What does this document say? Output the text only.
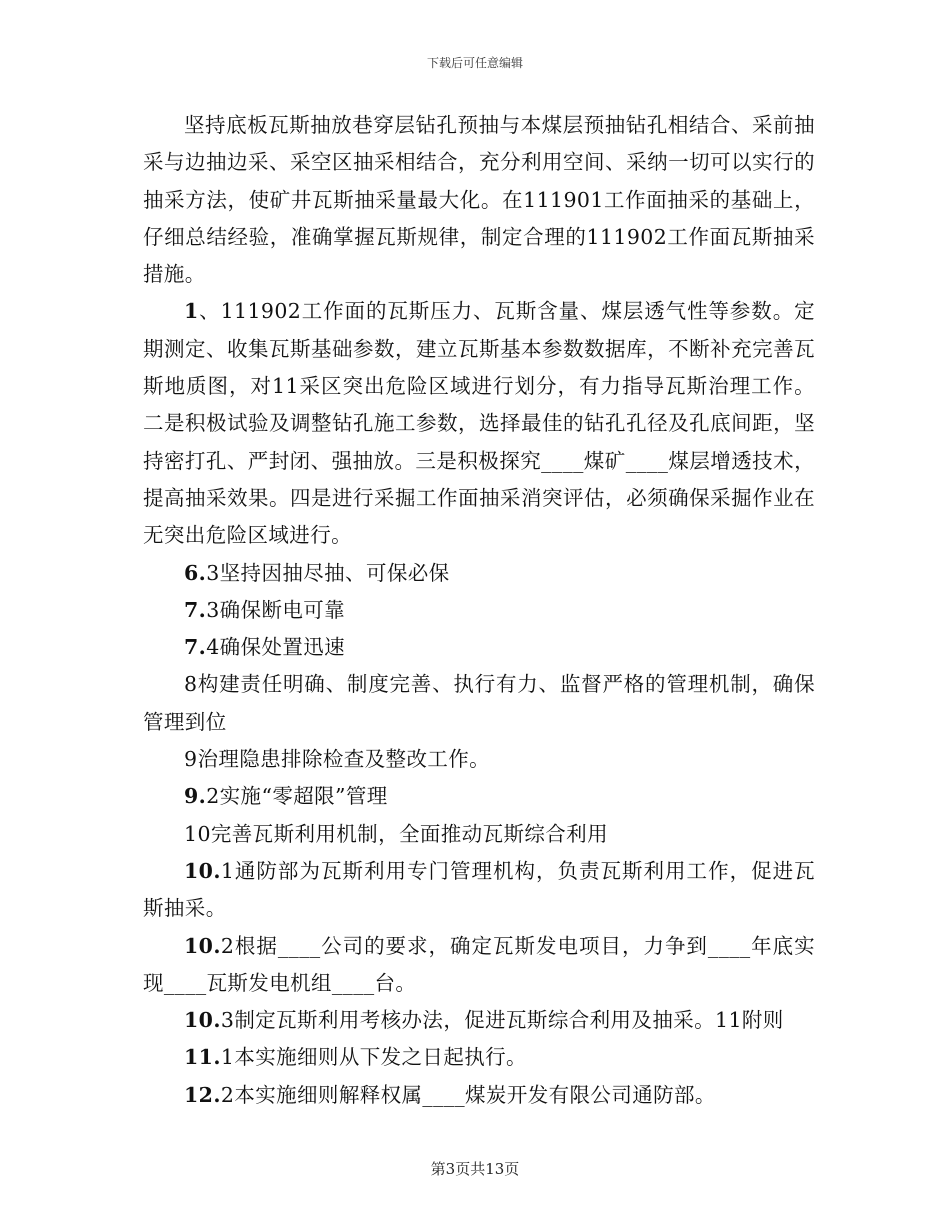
下载后可任意编辑

坚持底板瓦斯抽放巷穿层钻孔预抽与本煤层预抽钻孔相结合、采前抽采与边抽边采、采空区抽采相结合，充分利用空间、采纳一切可以实行的抽采方法，使矿井瓦斯抽采量最大化。在111901工作面抽采的基础上，仔细总结经验，准确掌握瓦斯规律，制定合理的111902工作面瓦斯抽采措施。

1、111902工作面的瓦斯压力、瓦斯含量、煤层透气性等参数。定期测定、收集瓦斯基础参数，建立瓦斯基本参数数据库，不断补充完善瓦斯地质图，对11采区突出危险区域进行划分，有力指导瓦斯治理工作。二是积极试验及调整钻孔施工参数，选择最佳的钻孔孔径及孔底间距，坚持密打孔、严封闭、强抽放。三是积极探究____煤矿____煤层增透技术，提高抽采效果。四是进行采掘工作面抽采消突评估，必须确保采掘作业在无突出危险区域进行。

6.3坚持因抽尽抽、可保必保

7.3确保断电可靠

7.4确保处置迅速

8构建责任明确、制度完善、执行有力、监督严格的管理机制，确保管理到位

9治理隐患排除检查及整改工作。

9.2实施“零超限”管理

10完善瓦斯利用机制，全面推动瓦斯综合利用

10.1通防部为瓦斯利用专门管理机构，负责瓦斯利用工作，促进瓦斯抽采。

10.2根据____公司的要求，确定瓦斯发电项目，力争到____年底实现____瓦斯发电机组____台。

10.3制定瓦斯利用考核办法，促进瓦斯综合利用及抽采。11附则

11.1本实施细则从下发之日起执行。

12.2本实施细则解释权属____煤炭开发有限公司通防部。

第3页共13页
